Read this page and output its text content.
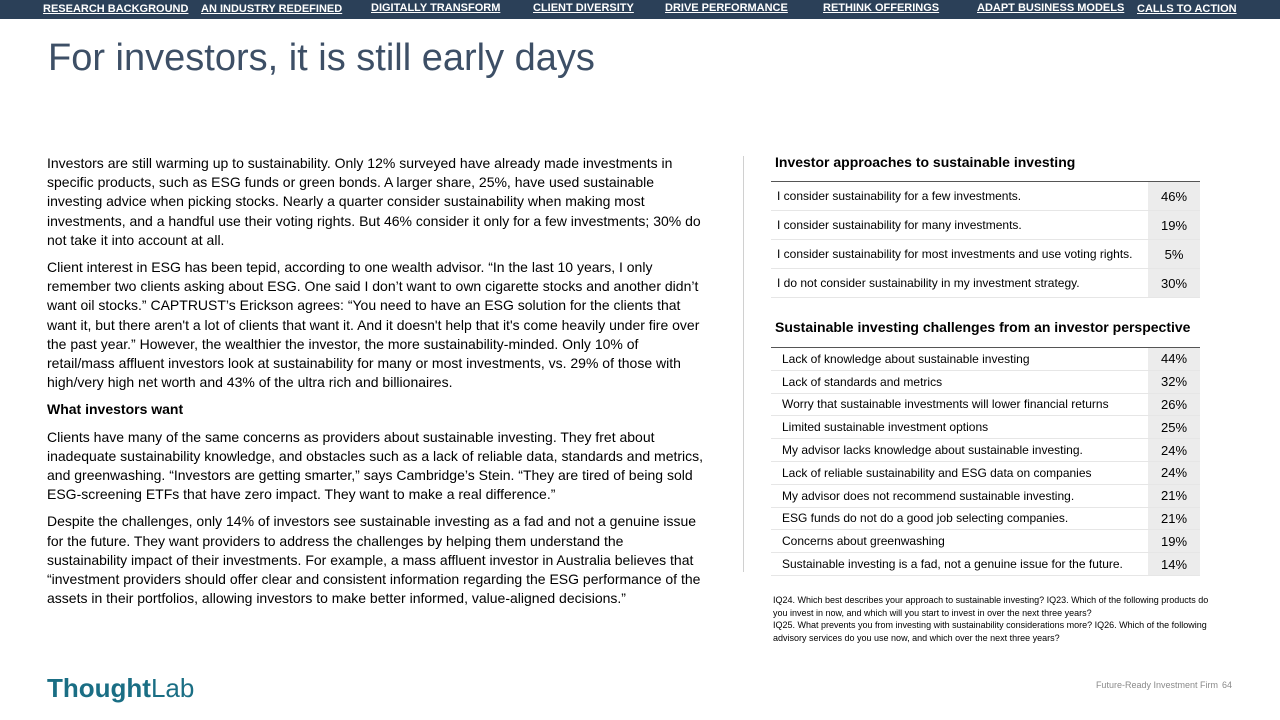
RESEARCH BACKGROUND AN INDUSTRY REDEFINED	DIGITALLY TRANSFORM	CLIENT DIVERSITY	DRIVE PERFORMANCE	RETHINK OFFERINGS	ADAPT BUSINESS MODELS CALLS TO ACTION
For investors, it is still early days

Investors are still warming up to sustainability. Only 12% surveyed have already made investments in specific products, such as ESG funds or green bonds. A larger share, 25%, have used sustainable investing advice when picking stocks. Nearly a quarter consider sustainability when making most investments, and a handful use their voting rights. But 46% consider it only for a few investments; 30% do not take it into account at all.

Client interest in ESG has been tepid, according to one wealth advisor. “In the last 10 years, I only remember two clients asking about ESG. One said I don’t want to own cigarette stocks and another didn’t want oil stocks.” CAPTRUST’s Erickson agrees: “You need to have an ESG solution for the clients that want it, but there aren't a lot of clients that want it. And it doesn't help that it's come heavily under fire over the past year.” However, the wealthier the investor, the more sustainability-minded. Only 10% of retail/mass affluent investors look at sustainability for many or most investments, vs. 29% of those with high/very high net worth and 43% of the ultra rich and billionaires.

What investors want

Clients have many of the same concerns as providers about sustainable investing. They fret about inadequate sustainability knowledge, and obstacles such as a lack of reliable data, standards and metrics, and greenwashing. “Investors are getting smarter,” says Cambridge’s Stein. “They are tired of being sold ESG-screening ETFs that have zero impact. They want to make a real difference.”

Despite the challenges, only 14% of investors see sustainable investing as a fad and not a genuine issue for the future. They want providers to address the challenges by helping them understand the sustainability impact of their investments. For example, a mass affluent investor in Australia believes that “investment providers should offer clear and consistent information regarding the ESG performance of the assets in their portfolios, allowing investors to make better informed, value-aligned decisions.”

Investor approaches to sustainable investing
I consider sustainability for a few investments.	46%
I consider sustainability for many investments.	19%
I consider sustainability for most investments and use voting rights.	5%
I do not consider sustainability in my investment strategy.	30%
Sustainable investing challenges from an investor perspective
Lack of knowledge about sustainable investing	44%
Lack of standards and metrics	32%
Worry that sustainable investments will lower financial returns	26%
Limited sustainable investment options	25%
My advisor lacks knowledge about sustainable investing.	24%
Lack of reliable sustainability and ESG data on companies	24%
My advisor does not recommend sustainable investing.	21%
ESG funds do not do a good job selecting companies.	21%
Concerns about greenwashing	19%
Sustainable investing is a fad, not a genuine issue for the future.	14%
IQ24. Which best describes your approach to sustainable investing? IQ23. Which of the following products do you invest in now, and which will you start to invest in over the next three years?
IQ25. What prevents you from investing with sustainability considerations more? IQ26. Which of the following advisory services do you use now, and which over the next three years?
ThoughtLab	Future-Ready Investment Firm 64
